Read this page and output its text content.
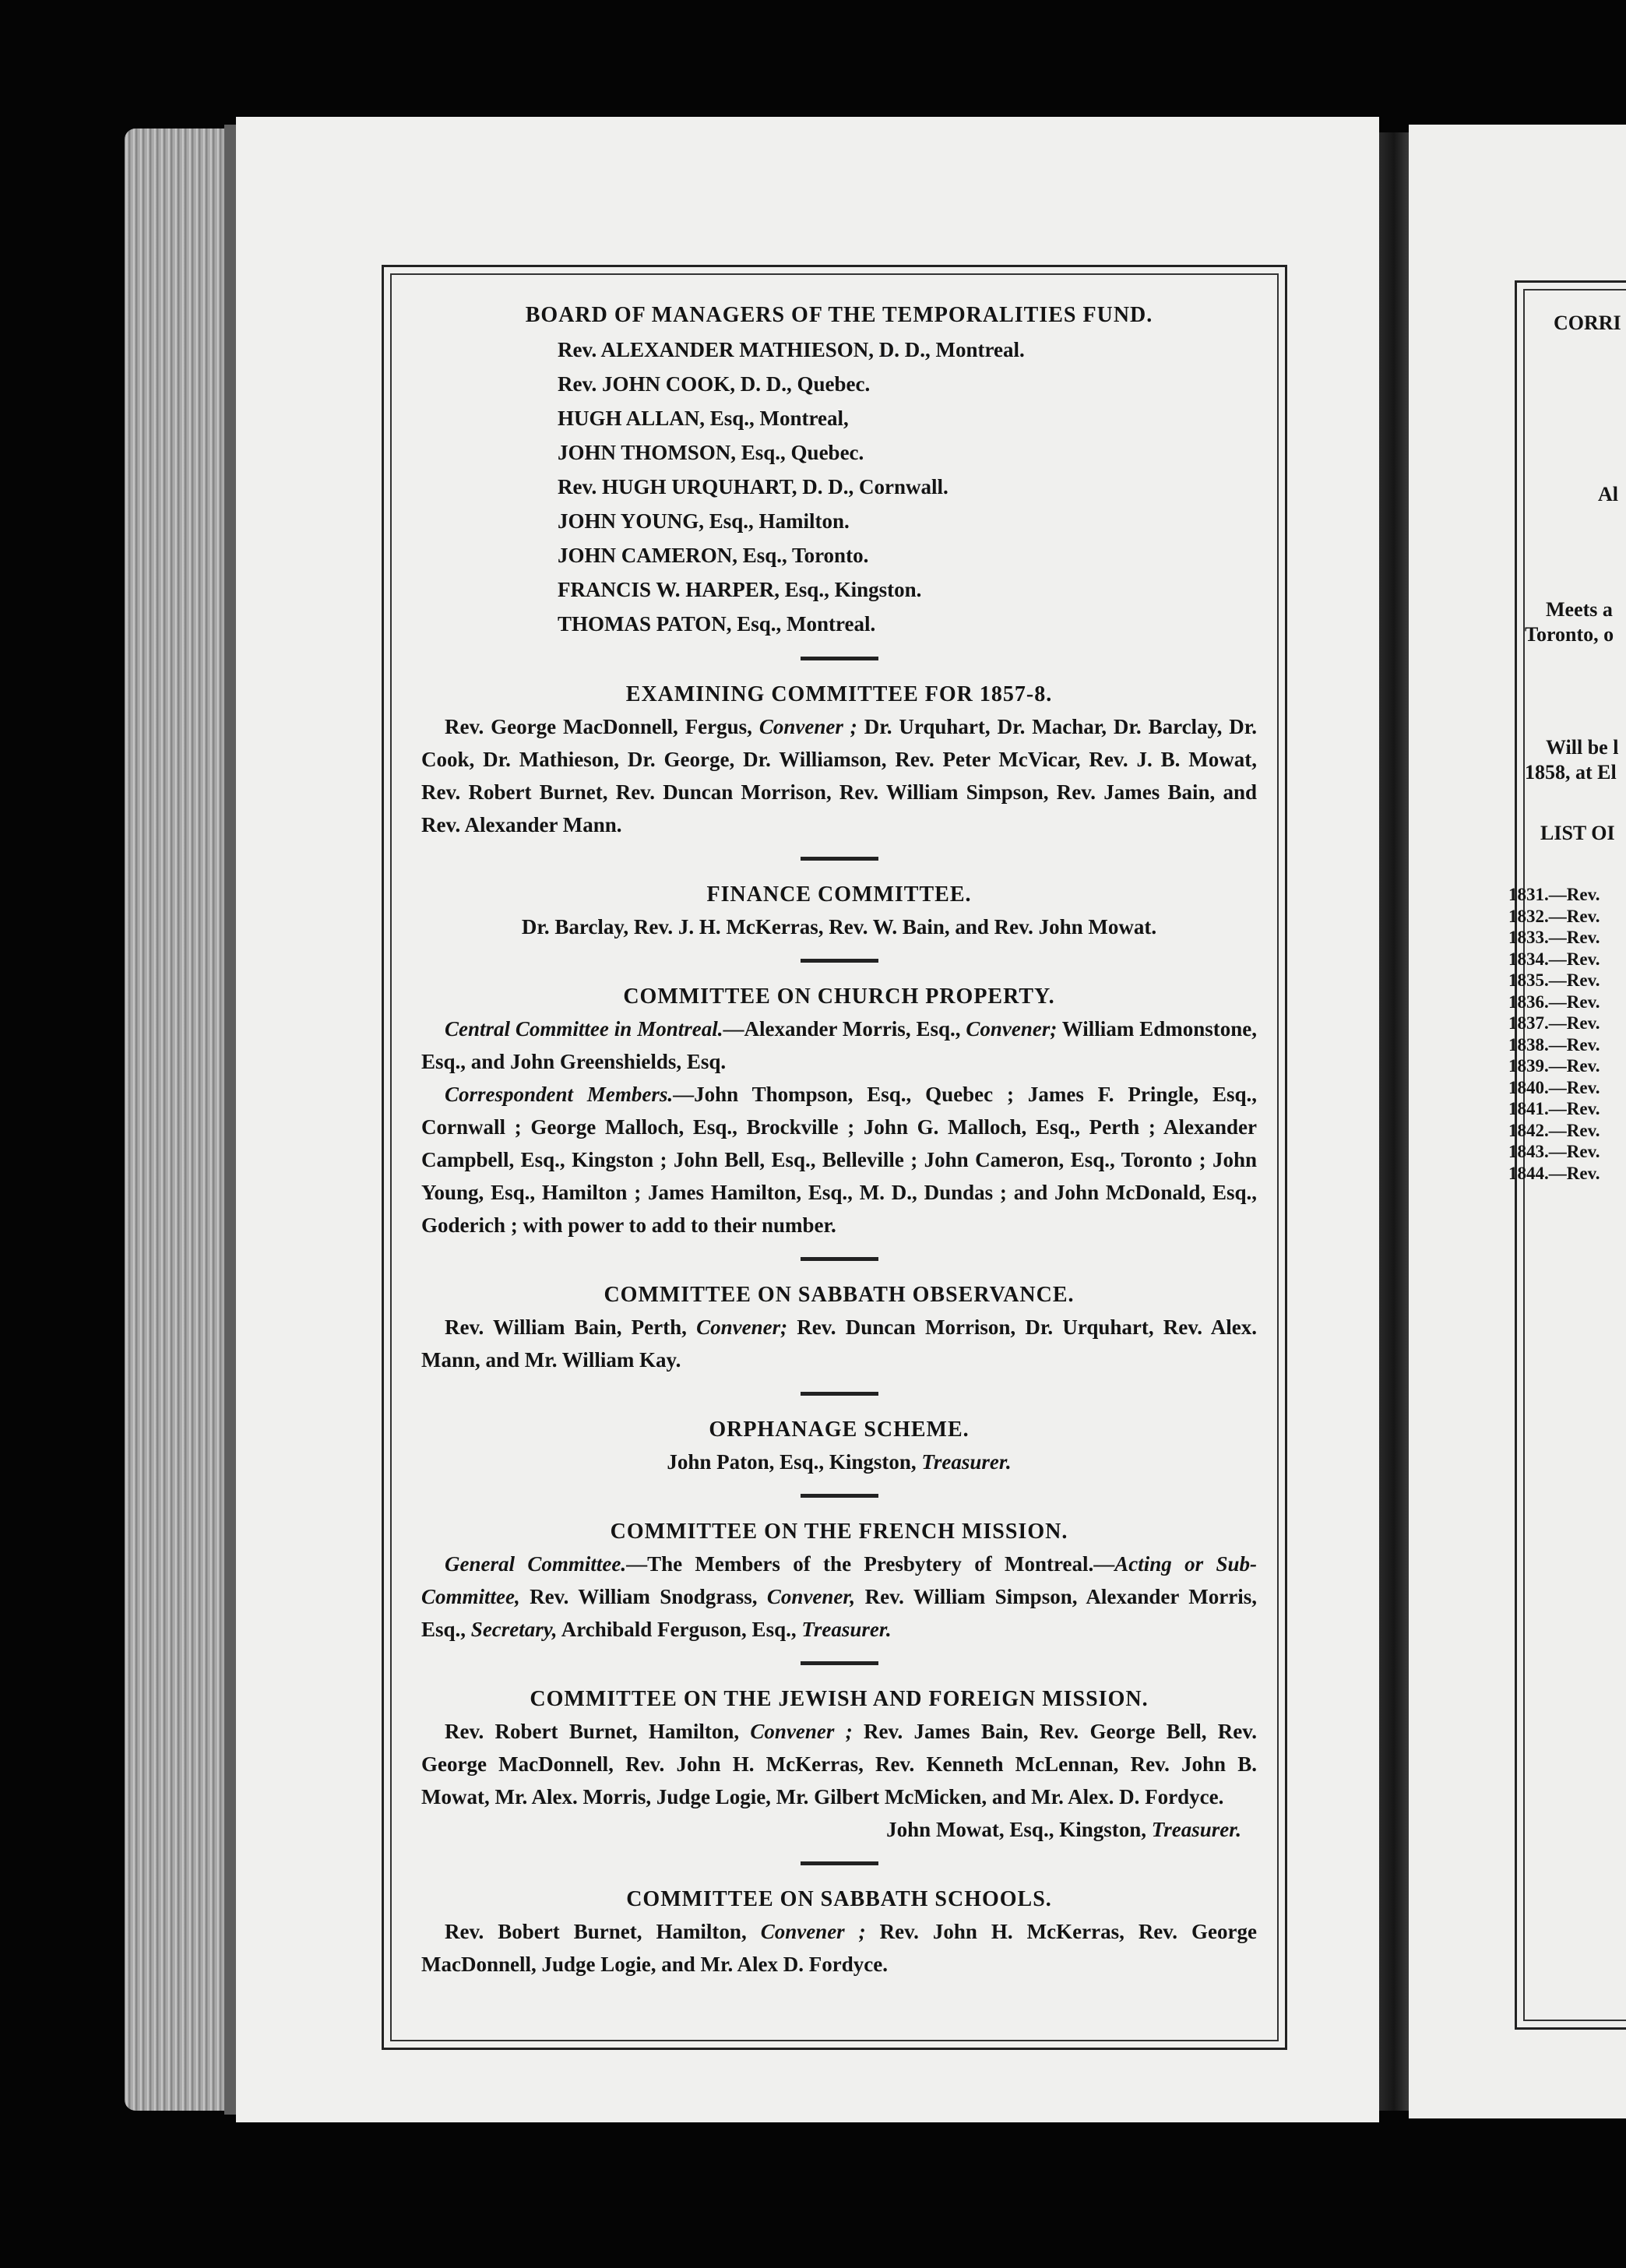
BOARD OF MANAGERS OF THE TEMPORALITIES FUND.

Rev. ALEXANDER MATHIESON, D. D., Montreal.
Rev. JOHN COOK, D. D., Quebec.
HUGH ALLAN, Esq., Montreal,
JOHN THOMSON, Esq., Quebec.
Rev. HUGH URQUHART, D. D., Cornwall.
JOHN YOUNG, Esq., Hamilton.
JOHN CAMERON, Esq., Toronto.
FRANCIS W. HARPER, Esq., Kingston.
THOMAS PATON, Esq., Montreal.

EXAMINING COMMITTEE FOR 1857-8.

Rev. George MacDonnell, Fergus, Convener ; Dr. Urquhart, Dr. Machar, Dr. Barclay, Dr. Cook, Dr. Mathieson, Dr. George, Dr. Williamson, Rev. Peter McVicar, Rev. J. B. Mowat, Rev. Robert Burnet, Rev. Duncan Morrison, Rev. William Simpson, Rev. James Bain, and Rev. Alexander Mann.

FINANCE COMMITTEE.

Dr. Barclay, Rev. J. H. McKerras, Rev. W. Bain, and Rev. John Mowat.

COMMITTEE ON CHURCH PROPERTY.

Central Committee in Montreal.—Alexander Morris, Esq., Convener; William Edmonstone, Esq., and John Greenshields, Esq.

Correspondent Members.—John Thompson, Esq., Quebec ; James F. Pringle, Esq., Cornwall ; George Malloch, Esq., Brockville ; John G. Malloch, Esq., Perth ; Alexander Campbell, Esq., Kingston ; John Bell, Esq., Belleville ; John Cameron, Esq., Toronto ; John Young, Esq., Hamilton ; James Hamilton, Esq., M. D., Dundas ; and John McDonald, Esq., Goderich ; with power to add to their number.

COMMITTEE ON SABBATH OBSERVANCE.

Rev. William Bain, Perth, Convener; Rev. Duncan Morrison, Dr. Urquhart, Rev. Alex. Mann, and Mr. William Kay.

ORPHANAGE SCHEME.

John Paton, Esq., Kingston, Treasurer.

COMMITTEE ON THE FRENCH MISSION.

General Committee.—The Members of the Presbytery of Montreal.—Acting or Sub-Committee, Rev. William Snodgrass, Convener, Rev. William Simpson, Alexander Morris, Esq., Secretary, Archibald Ferguson, Esq., Treasurer.

COMMITTEE ON THE JEWISH AND FOREIGN MISSION.

Rev. Robert Burnet, Hamilton, Convener ; Rev. James Bain, Rev. George Bell, Rev. George MacDonnell, Rev. John H. McKerras, Rev. Kenneth McLennan, Rev. John B. Mowat, Mr. Alex. Morris, Judge Logie, Mr. Gilbert McMicken, and Mr. Alex. D. Fordyce.

John Mowat, Esq., Kingston, Treasurer.

COMMITTEE ON SABBATH SCHOOLS.

Rev. Bobert Burnet, Hamilton, Convener ; Rev. John H. McKerras, Rev. George MacDonnell, Judge Logie, and Mr. Alex D. Fordyce.

CORRI
Al
Meets a
Toronto, o
Will be l
1858, at El
LIST OI
1831.—Rev.
1832.—Rev.
1833.—Rev.
1834.—Rev.
1835.—Rev.
1836.—Rev.
1837.—Rev.
1838.—Rev.
1839.—Rev.
1840.—Rev.
1841.—Rev.
1842.—Rev.
1843.—Rev.
1844.—Rev.
